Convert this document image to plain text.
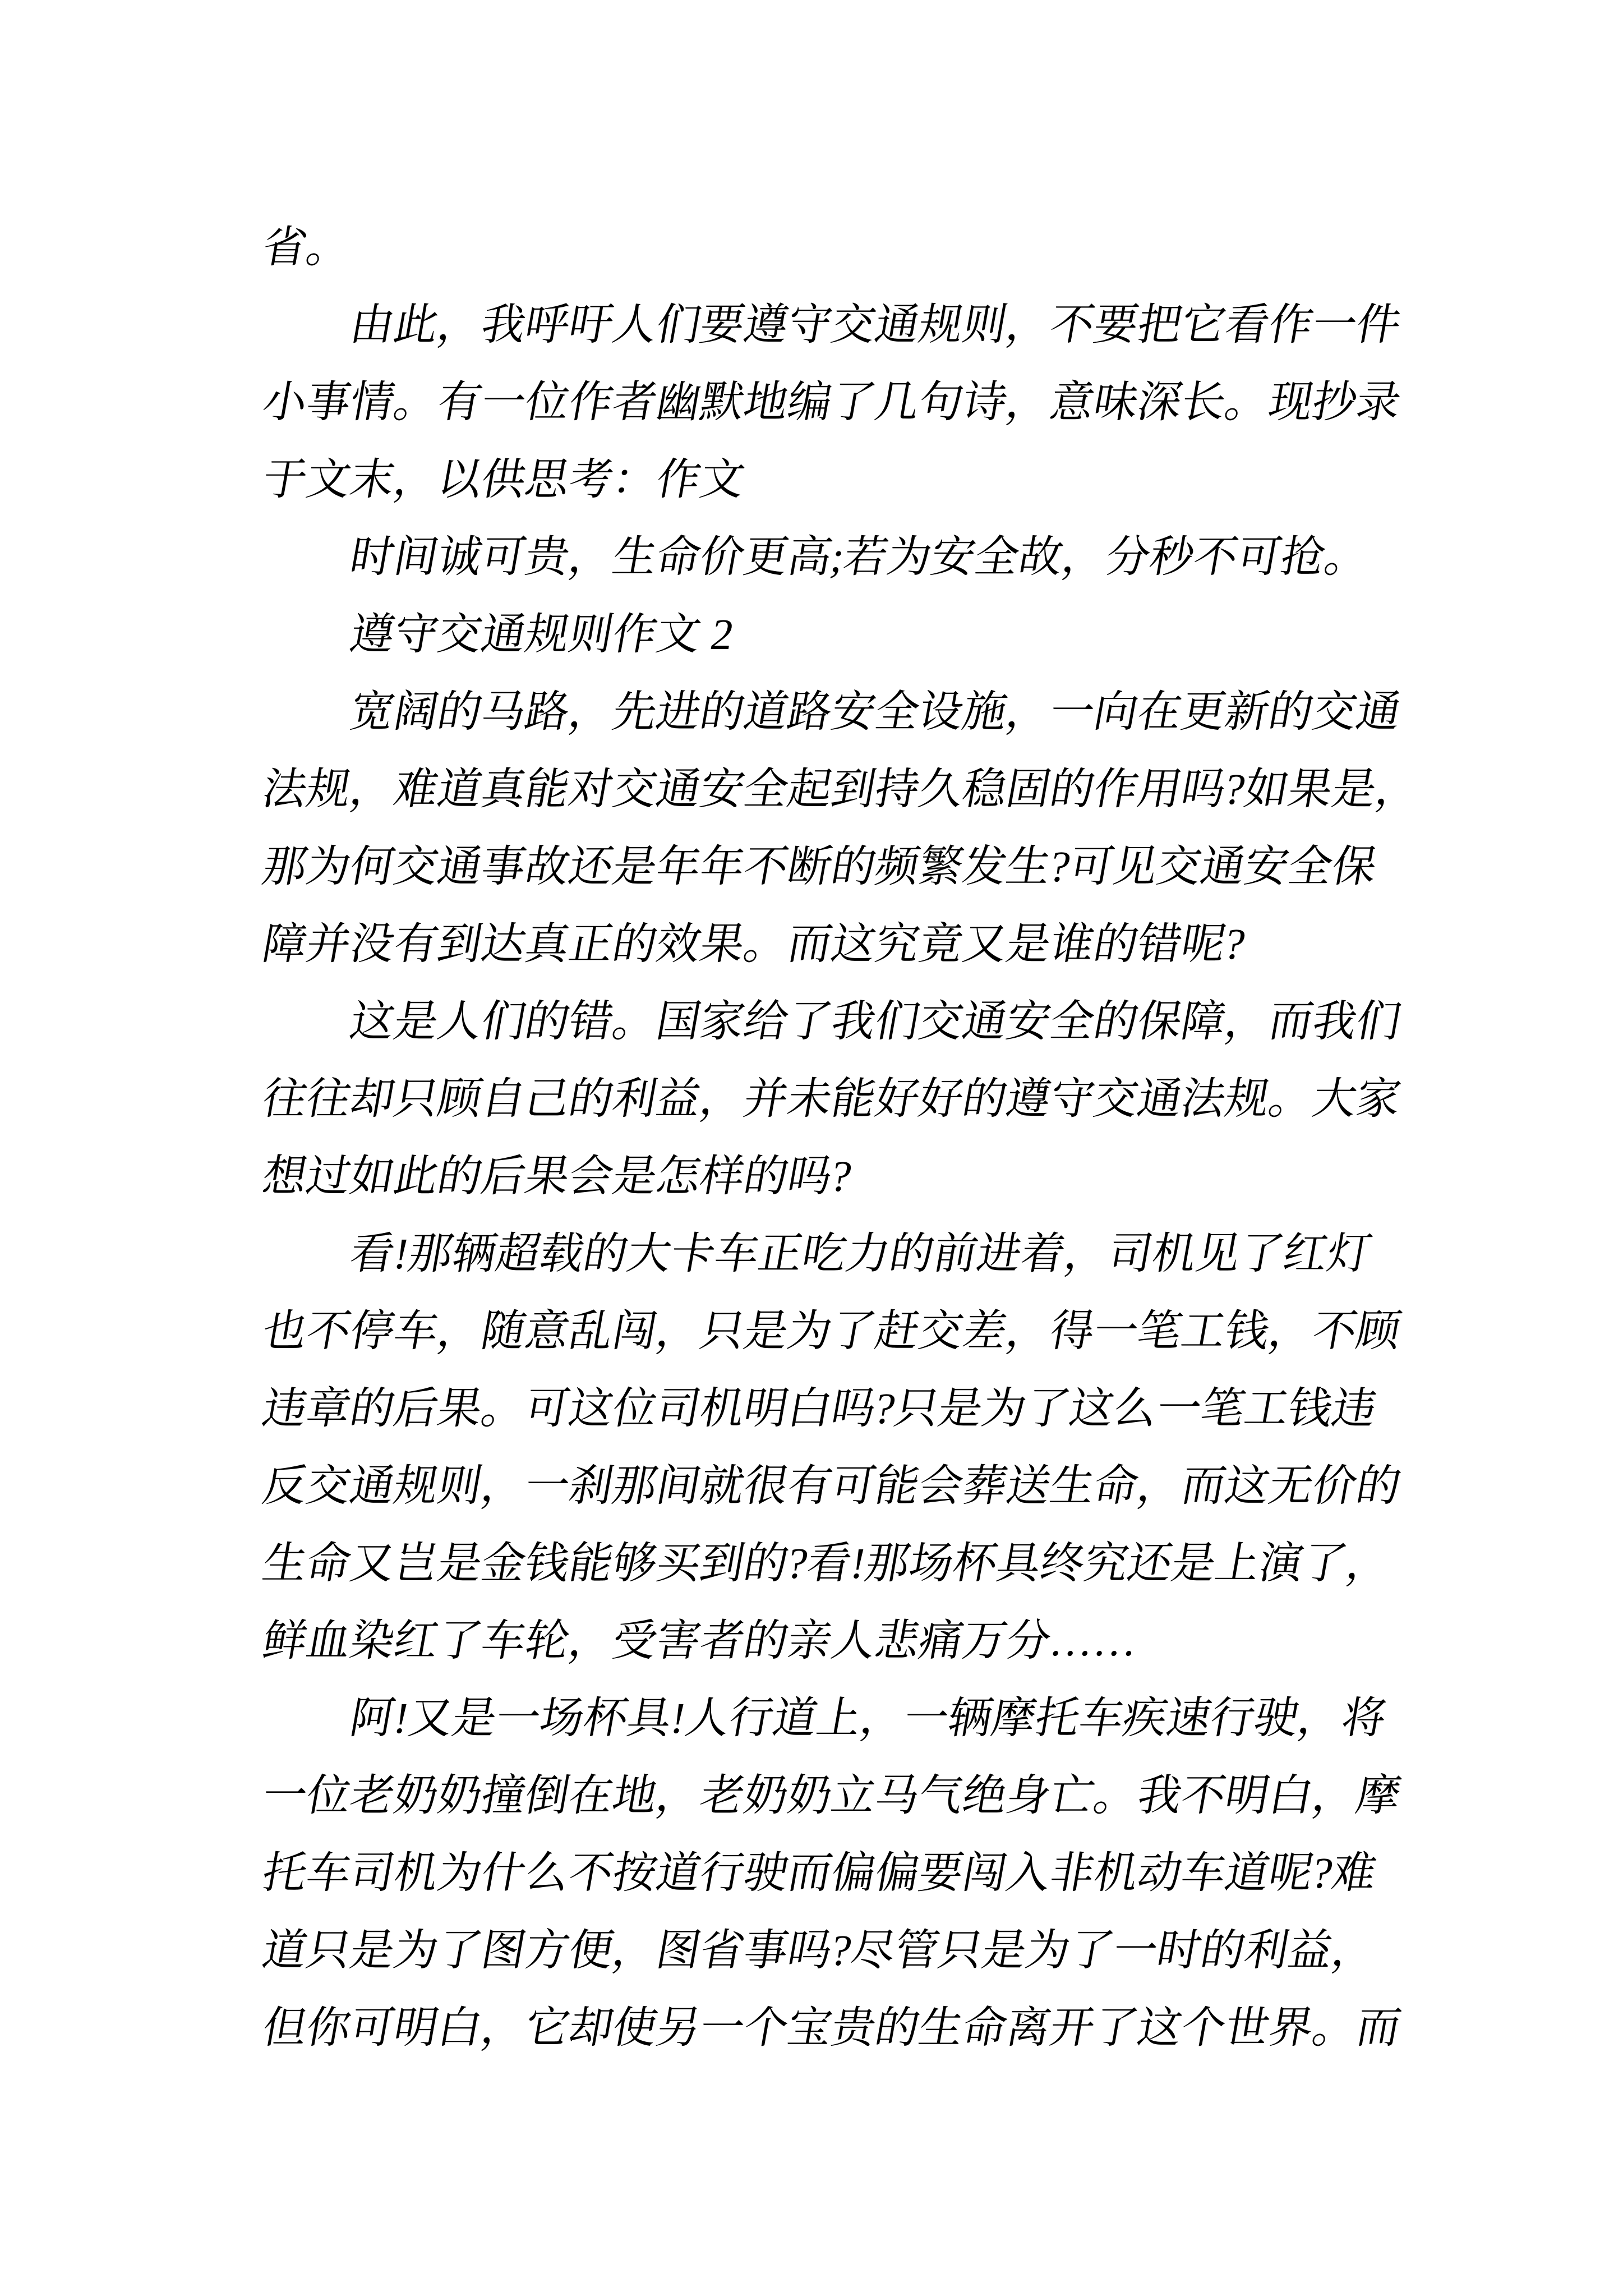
省。
由此，我呼吁人们要遵守交通规则，不要把它看作一件
小事情。有一位作者幽默地编了几句诗，意味深长。现抄录
于文末，以供思考：作文
时间诚可贵，生命价更高;若为安全故，分秒不可抢。
遵守交通规则作文 2
宽阔的马路，先进的道路安全设施，一向在更新的交通
法规，难道真能对交通安全起到持久稳固的作用吗?如果是，
那为何交通事故还是年年不断的频繁发生?可见交通安全保
障并没有到达真正的效果。而这究竟又是谁的错呢?
这是人们的错。国家给了我们交通安全的保障，而我们
往往却只顾自己的利益，并未能好好的遵守交通法规。大家
想过如此的后果会是怎样的吗?
看!那辆超载的大卡车正吃力的前进着，司机见了红灯
也不停车，随意乱闯，只是为了赶交差，得一笔工钱，不顾
违章的后果。可这位司机明白吗?只是为了这么一笔工钱违
反交通规则，一刹那间就很有可能会葬送生命，而这无价的
生命又岂是金钱能够买到的?看!那场杯具终究还是上演了，
鲜血染红了车轮，受害者的亲人悲痛万分……
阿!又是一场杯具!人行道上，一辆摩托车疾速行驶，将
一位老奶奶撞倒在地，老奶奶立马气绝身亡。我不明白，摩
托车司机为什么不按道行驶而偏偏要闯入非机动车道呢?难
道只是为了图方便，图省事吗?尽管只是为了一时的利益，
但你可明白，它却使另一个宝贵的生命离开了这个世界。而
